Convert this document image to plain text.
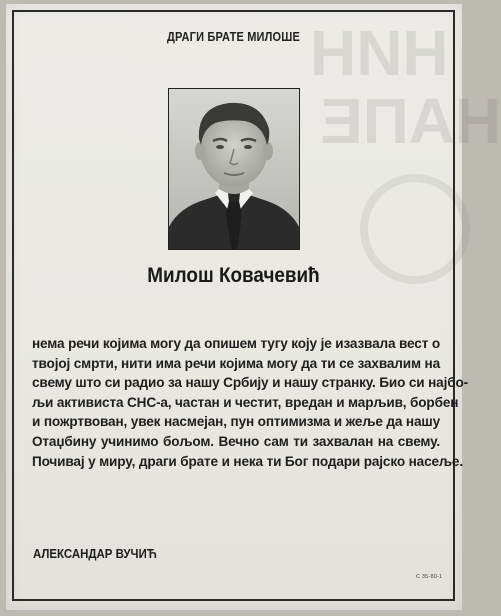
ДРАГИ БРАТЕ МИЛОШЕ
Милош Ковачевић
нема речи којима могу да опишем тугу коју је изазвала вест о
твојој смрти, нити има речи којима могу да ти се захвалим на
свему што си радио за нашу Србију и нашу странку. Био си најбо-
љи активиста СНС-а, частан и честит, вредан и марљив, борбен
и пожртвован, увек насмејан, пун оптимизма и жеље да нашу
Отаџбину учинимо бољом. Вечно сам ти захвалан на свему.
Почивај у миру, драги брате и нека ти Бог подари рајско насеље.
АЛЕКСАНДАР ВУЧИЋ
С 35-80-1
